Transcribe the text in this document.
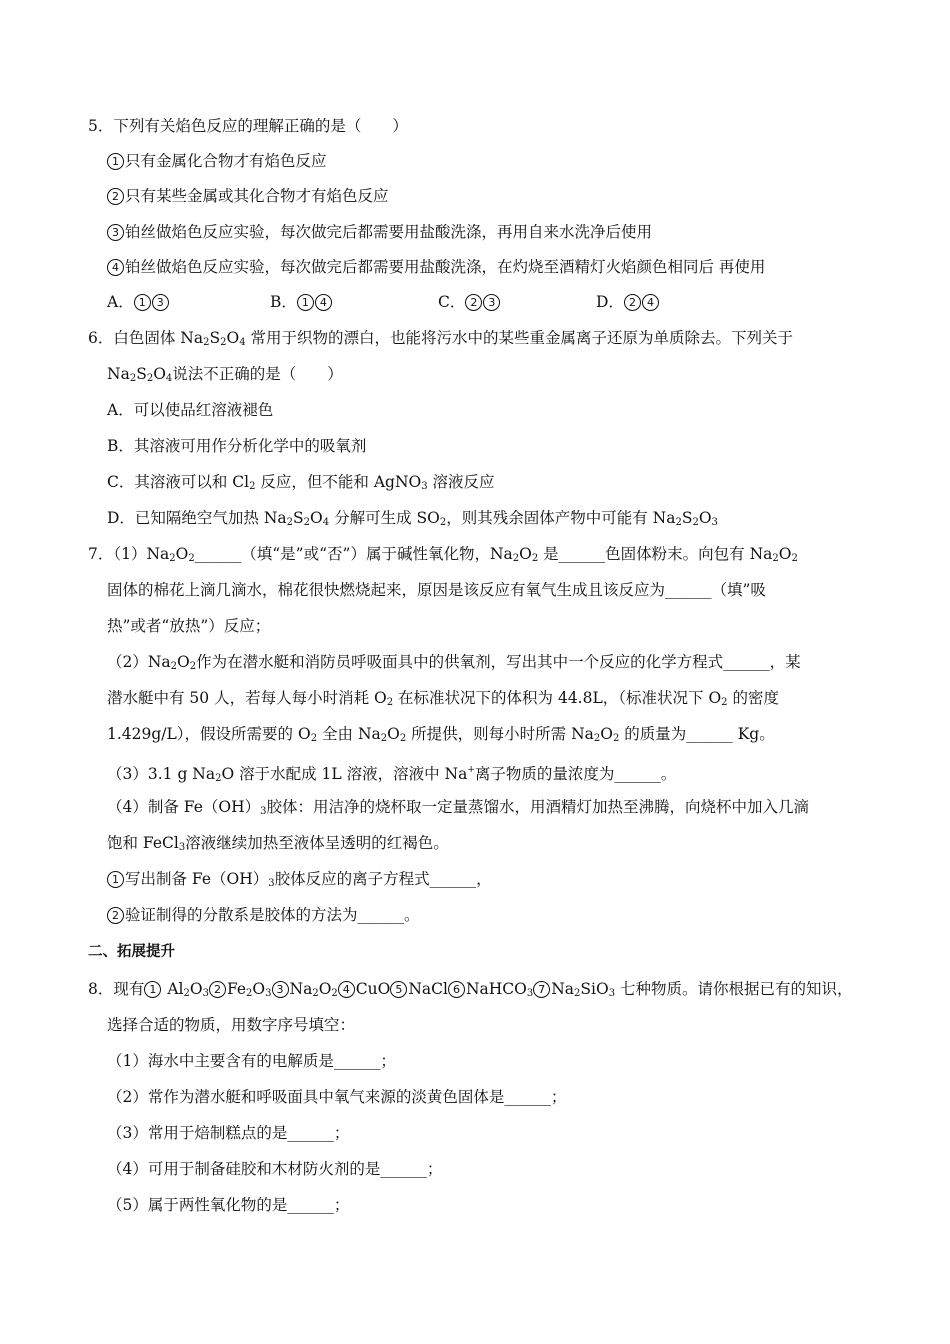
5．下列有关焰色反应的理解正确的是（　　）
1 只有金属化合物才有焰色反应
2 只有某些金属或其化合物才有焰色反应
3 铂丝做焰色反应实验，每次做完后都需要用盐酸洗涤，再用自来水洗净后使用
4 铂丝做焰色反应实验，每次做完后都需要用盐酸洗涤，在灼烧至酒精灯火焰颜色相同后 再使用
A． 1 3	B． 1 4	C． 2 3	D． 2 4
6．白色固体 $Na_2S_2O_4$ 常用于织物的漂白，也能将污水中的某些重金属离子还原为单质除去。下列关于
$Na_2S_2O_4$说法不正确的是（　　）
A．可以使品红溶液褪色
B．其溶液可用作分析化学中的吸氧剂
C．其溶液可以和 $Cl_2$ 反应，但不能和 AgNO$_3$ 溶液反应
D．已知隔绝空气加热 $Na_2S_2O_4$ 分解可生成 $SO_2$，则其残余固体产物中可能有 $Na_2S_2O_3$
7．$(1)Na_2O_2\_\_\_\_\_\_$（填“是”或“否”）属于碱性氧化物，$Na_2O_2$ 是______色固体粉末。向包有 $Na_2O_2$
固体的棉花上滴几滴水，棉花很快燃烧起来，原因是该反应有氧气生成且该反应为______（填”吸
热”或者“放热”）反应；
$(2)Na_2O_2$作为在潜水艇和消防员呼吸面具中的供氧剂，写出其中一个反应的化学方程式______，某
潜水艇中有 50 人，若每人每小时消耗 $O_2$ 在标准状况下的体积为 44.8L，（标准状况下 $O_2$ 的密度
1.429g/L），假设所需要的 $O_2$ 全由 $Na_2O_2$ 所提供，则每小时所需 $Na_2O_2$ 的质量为______ Kg。
（3）3.1 g $Na_2O$ 溶于水配成 1L 溶液，溶液中 Na+离子物质的量浓度为______。
（4）制备 $Fe(OH)_3$胶体：用洁净的烧杯取一定量蒸馏水，用酒精灯加热至沸腾，向烧杯中加入几滴
饱和 FeCl$_3$溶液继续加热至液体呈透明的红褐色。
1 写出制备 $Fe(OH)_3$胶体反应的离子方程式______，
2 验证制得的分散系是胶体的方法为______。
二、拓展提升
8．现有 1 $Al_2O_3$ 2 $Fe_2O_3$ 3 $Na_2O_2$ 4 CuO 5 NaCl 6 NaHCO$_3$ 7 $Na_2SiO_3$ 七种物质。请你根据已有的知识，
选择合适的物质，用数字序号填空：
（1）海水中主要含有的电解质是______；
（2）常作为潜水艇和呼吸面具中氧气来源的淡黄色固体是______；
（3）常用于焙制糕点的是______；
（4）可用于制备硅胶和木材防火剂的是______；
（5）属于两性氧化物的是______；
